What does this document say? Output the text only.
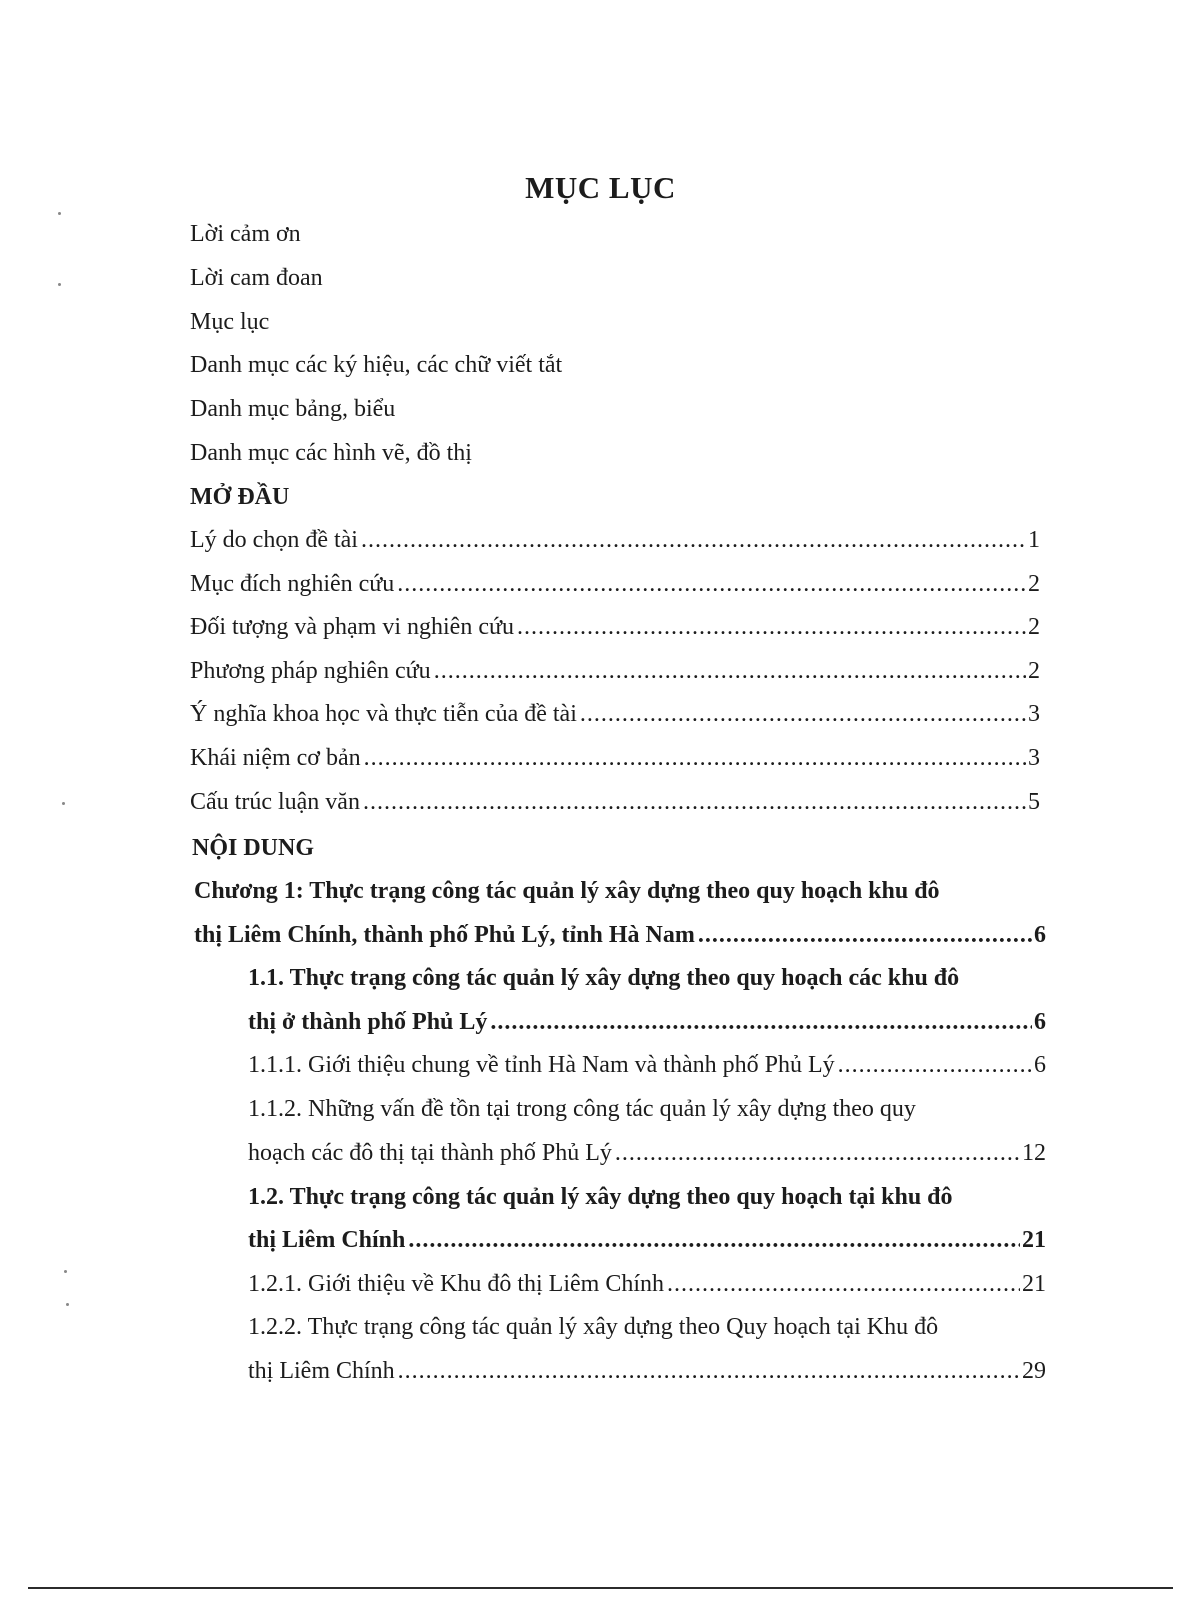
MỤC LỤC
Lời cảm ơn
Lời cam đoan
Mục lục
Danh mục các ký hiệu, các chữ viết tắt
Danh mục bảng, biểu
Danh mục các hình vẽ, đồ thị
MỞ ĐẦU
Lý do chọn đề tài .....	1
Mục đích nghiên cứu .....	2
Đối tượng và phạm vi nghiên cứu .....	2
Phương pháp nghiên cứu .....	2
Ý nghĩa khoa học và thực tiễn của đề tài .....	3
Khái niệm cơ bản .....	3
Cấu trúc luận văn .....	5
NỘI DUNG
Chương 1: Thực trạng công tác quản lý xây dựng theo quy hoạch khu đô
thị Liêm Chính, thành phố Phủ Lý, tỉnh Hà Nam .....	6
1.1. Thực trạng công tác quản lý xây dựng theo quy hoạch các khu đô
thị ở thành phố Phủ Lý .....	6
1.1.1. Giới thiệu chung về tỉnh Hà Nam và thành phố Phủ Lý .....	6
1.1.2. Những vấn đề tồn tại trong công tác quản lý xây dựng theo quy
hoạch các đô thị tại thành phố Phủ Lý .....	12
1.2. Thực trạng công tác quản lý xây dựng theo quy hoạch tại khu đô
thị Liêm Chính .....	21
1.2.1. Giới thiệu về Khu đô thị Liêm Chính .....	21
1.2.2. Thực trạng công tác quản lý xây dựng theo Quy hoạch tại Khu đô
thị Liêm Chính .....	29
